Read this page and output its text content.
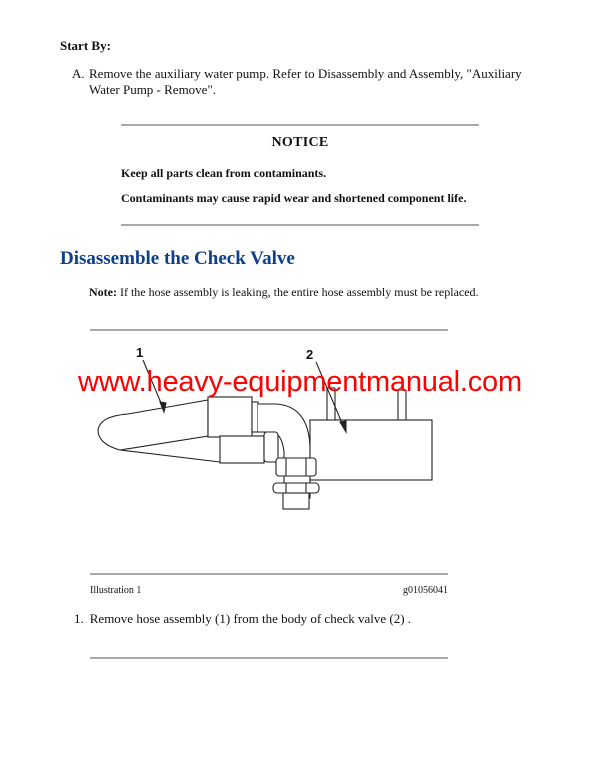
Start By:
A. Remove the auxiliary water pump. Refer to Disassembly and Assembly, "Auxiliary Water Pump - Remove".
NOTICE
Keep all parts clean from contaminants.
Contaminants may cause rapid wear and shortened component life.
Disassemble the Check Valve
Note: If the hose assembly is leaking, the entire hose assembly must be replaced.
1	2
www.heavy-equipmentmanual.com
Illustration 1	g01056041
1. Remove hose assembly (1) from the body of check valve (2) .
